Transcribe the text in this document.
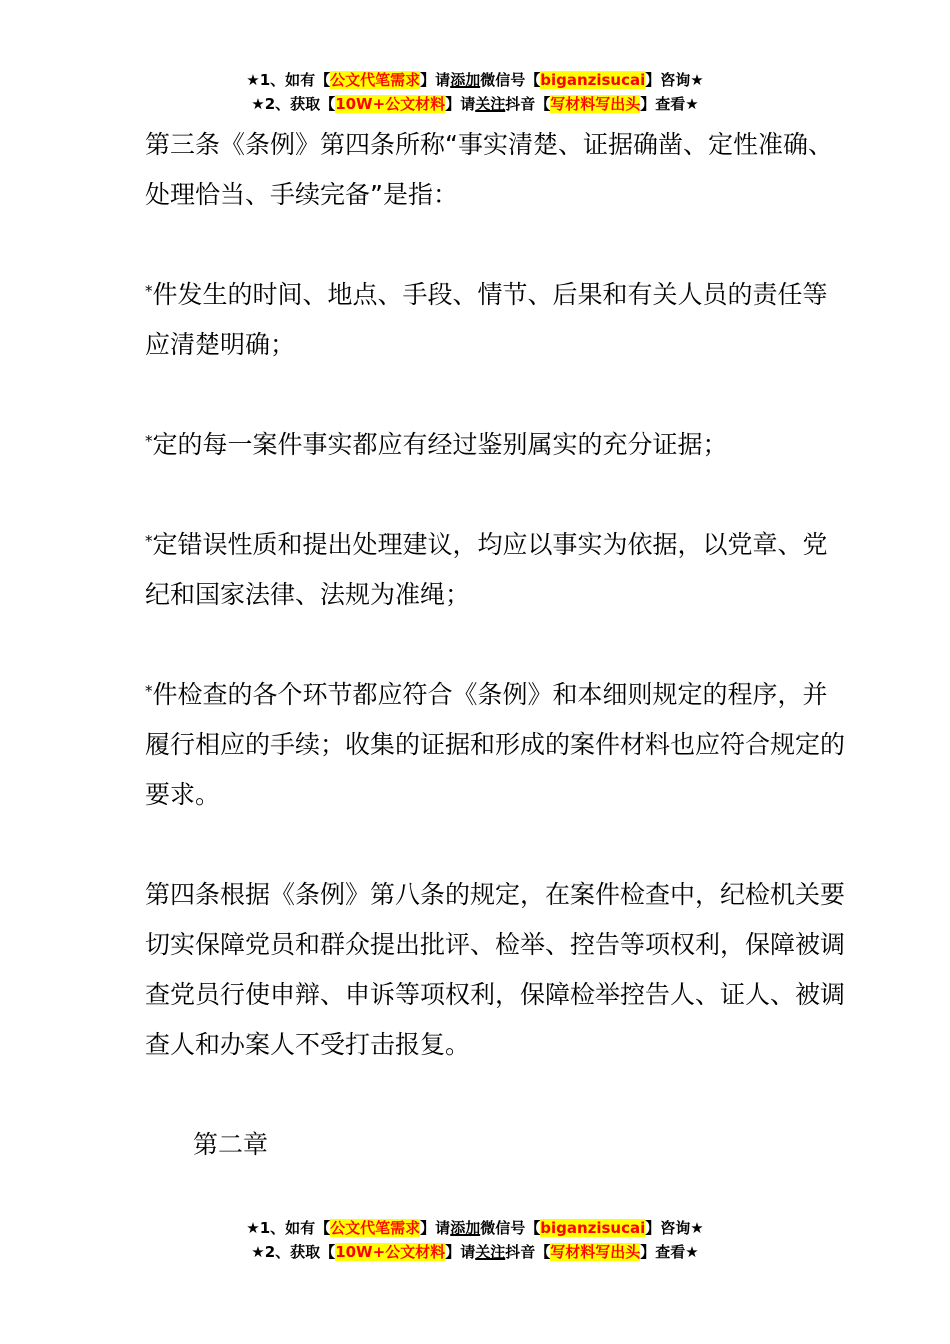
★1、如有【公文代笔需求】请添加微信号【biganzisucai】咨询★
★2、获取【10W+公文材料】请关注抖音【写材料写出头】查看★

第三条《条例》第四条所称“事实清楚、证据确凿、定性准确、处理恰当、手续完备”是指：

*件发生的时间、地点、手段、情节、后果和有关人员的责任等应清楚明确；

*定的每一案件事实都应有经过鉴别属实的充分证据；

*定错误性质和提出处理建议，均应以事实为依据，以党章、党纪和国家法律、法规为准绳；

*件检查的各个环节都应符合《条例》和本细则规定的程序，并履行相应的手续；收集的证据和形成的案件材料也应符合规定的要求。

第四条根据《条例》第八条的规定，在案件检查中，纪检机关要切实保障党员和群众提出批评、检举、控告等项权利，保障被调查党员行使申辩、申诉等项权利，保障检举控告人、证人、被调查人和办案人不受打击报复。

第二章

★1、如有【公文代笔需求】请添加微信号【biganzisucai】咨询★
★2、获取【10W+公文材料】请关注抖音【写材料写出头】查看★
